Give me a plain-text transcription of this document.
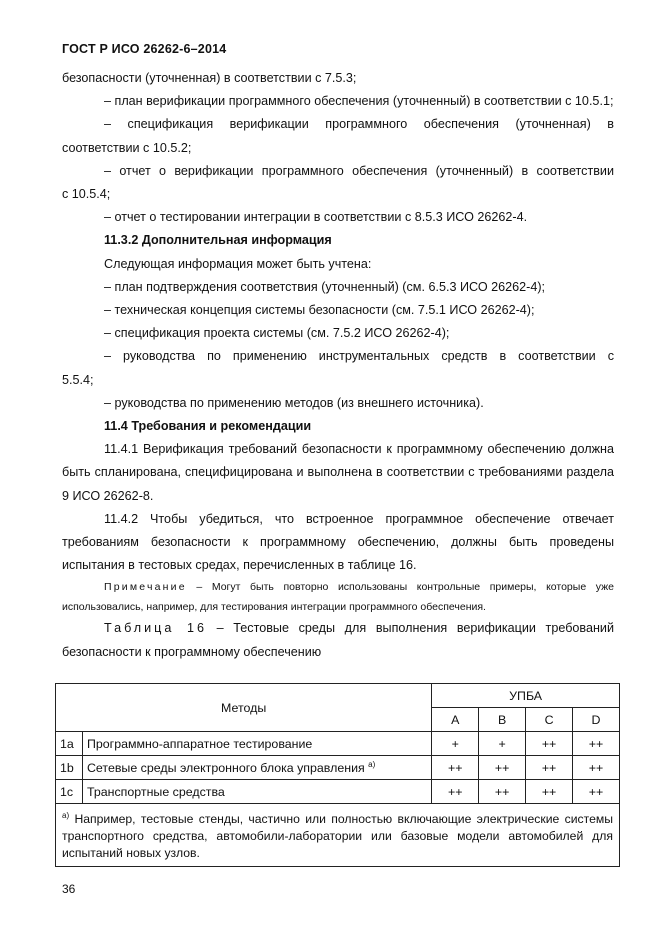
ГОСТ Р ИСО 26262-6–2014

безопасности (уточненная) в соответствии с 7.5.3;

– план верификации программного обеспечения (уточненный) в соответствии с 10.5.1;

– спецификация верификации программного обеспечения (уточненная) в

соответствии с 10.5.2;

– отчет о верификации программного обеспечения (уточненный) в соответствии

с 10.5.4;

– отчет о тестировании интеграции в соответствии с 8.5.3 ИСО 26262-4.

11.3.2 Дополнительная информация

Следующая информация может быть учтена:

– план подтверждения соответствия (уточненный) (см. 6.5.3 ИСО 26262-4);

– техническая концепция системы безопасности (см. 7.5.1 ИСО 26262-4);

– спецификация проекта системы (см. 7.5.2 ИСО 26262-4);

– руководства по применению инструментальных средств в соответствии с

5.5.4;

– руководства по применению методов (из внешнего источника).

11.4 Требования и рекомендации

11.4.1 Верификация требований безопасности к программному обеспечению должна быть спланирована, специфицирована и выполнена в соответствии с требованиями раздела 9 ИСО 26262-8.

11.4.2 Чтобы убедиться, что встроенное программное обеспечение отвечает требованиям безопасности к программному обеспечению, должны быть проведены испытания в тестовых средах, перечисленных в таблице 16.

Примечание – Могут быть повторно использованы контрольные примеры, которые уже использовались, например, для тестирования интеграции программного обеспечения.

Таблица 16 – Тестовые среды для выполнения верификации требований безопасности к программному обеспечению

Методы		УПБА			
		A	B	C	D
1a	Программно-аппаратное тестирование	+	+	++	++
1b	Сетевые среды электронного блока управления $^{а)}$	++	++	++	++
1c	Транспортные средства	++	++	++	++
$^{а)}$ Например, тестовые стенды, частично или полностью включающие электрические системы транспортного средства, автомобили-лаборатории или базовые модели автомобилей для испытаний новых узлов.					
36
